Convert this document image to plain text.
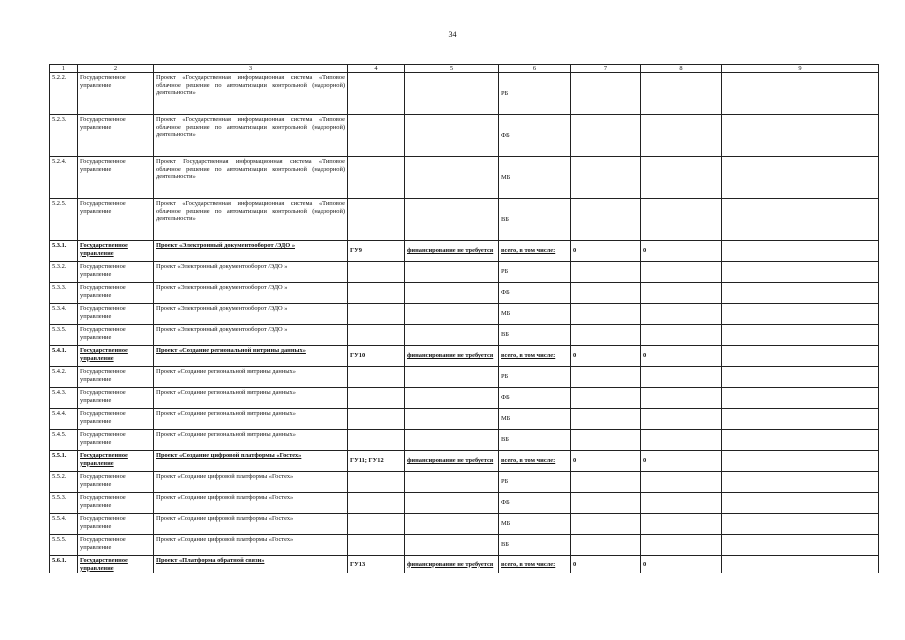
34
1	2	3	4	5	6	7	8	9
5.2.2.	Государственное управление	Проект «Государственная информационная система «Типовое облачное решение по автоматизации контрольной (надзорной) деятельности»			РБ			
5.2.3.	Государственное управление	Проект «Государственная информационная система «Типовое облачное решение по автоматизации контрольной (надзорной) деятельности»			ФБ			
5.2.4.	Государственное управление	Проект Государственная информационная система «Типовое облачное решение по автоматизации контрольной (надзорной) деятельности»			МБ			
5.2.5.	Государственное управление	Проект «Государственная информационная система «Типовое облачное решение по автоматизации контрольной (надзорной) деятельности»			ВБ			
5.3.1.	Государственное управление	Проект «Электронный документооборот /ЭДО »	ГУ9	финансирование не требуется	всего, в том числе:	0	0	
5.3.2.	Государственное управление	Проект «Электронный документооборот /ЭДО »			РБ			
5.3.3.	Государственное управление	Проект «Электронный документооборот /ЭДО »			ФБ			
5.3.4.	Государственное управление	Проект «Электронный документооборот /ЭДО »			МБ			
5.3.5.	Государственное управление	Проект «Электронный документооборот /ЭДО »			ВБ			
5.4.1.	Государственное управление	Проект «Создание региональной витрины данных»	ГУ10	финансирование не требуется	всего, в том числе:	0	0	
5.4.2.	Государственное управление	Проект «Создание региональной витрины данных»			РБ			
5.4.3.	Государственное управление	Проект «Создание региональной витрины данных»			ФБ			
5.4.4.	Государственное управление	Проект «Создание региональной витрины данных»			МБ			
5.4.5.	Государственное управление	Проект «Создание региональной витрины данных»			ВБ			
5.5.1.	Государственное управление	Проект «Создание цифровой платформы «Гостех»	ГУ11; ГУ12	финансирование не требуется	всего, в том числе:	0	0	
5.5.2.	Государственное управление	Проект «Создание цифровой платформы «Гостех»			РБ			
5.5.3.	Государственное управление	Проект «Создание цифровой платформы «Гостех»			ФБ			
5.5.4.	Государственное управление	Проект «Создание цифровой платформы «Гостех»			МБ			
5.5.5.	Государственное управление	Проект «Создание цифровой платформы «Гостех»			ВБ			
5.6.1.	Государственное управление	Проект «Платформа обратной связи»	ГУ13	финансирование не требуется	всего, в том числе:	0	0	
